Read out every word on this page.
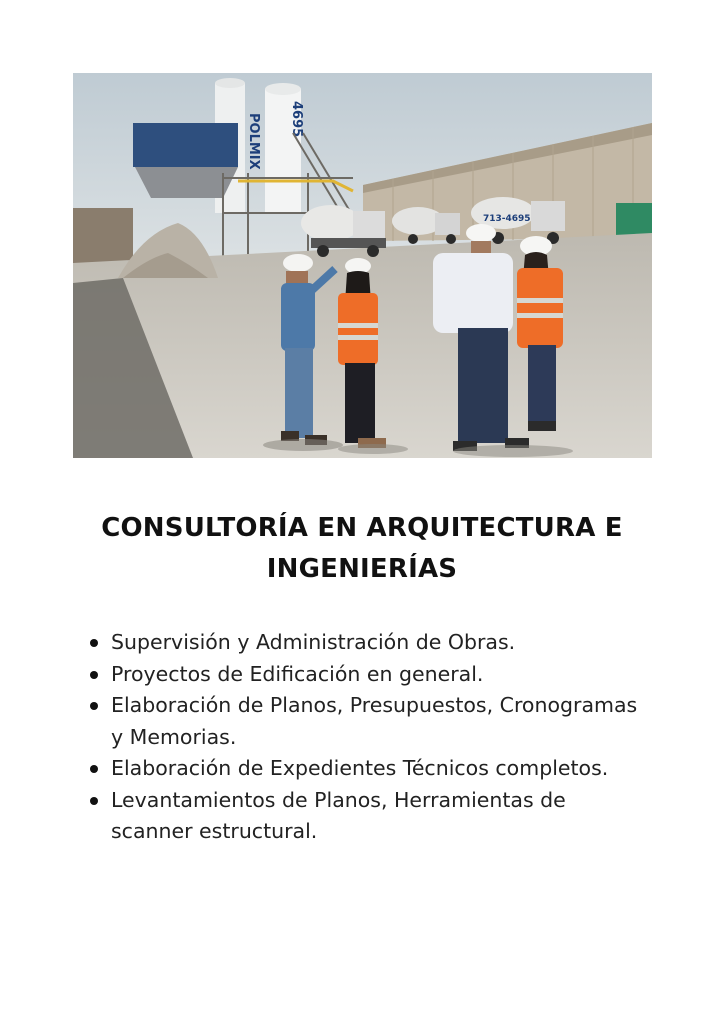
POLMIX 4695
713-4695
CONSULTORÍA EN ARQUITECTURA E
INGENIERÍAS
Supervisión y Administración de Obras.
Proyectos de Edificación en general.
Elaboración de Planos, Presupuestos, Cronogramas y Memorias.
Elaboración de Expedientes Técnicos completos.
Levantamientos de Planos, Herramientas de scanner estructural.
